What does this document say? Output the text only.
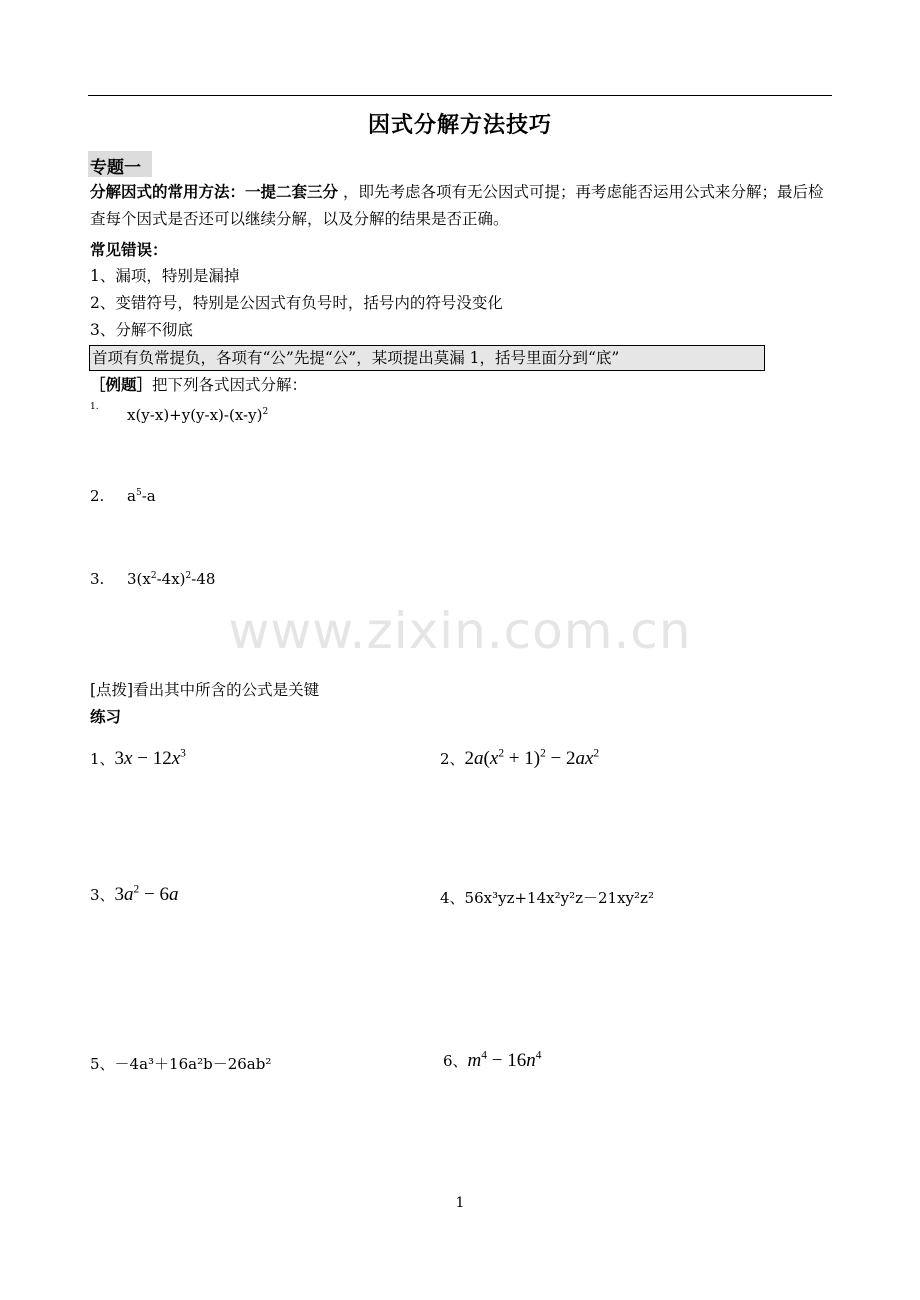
因式分解方法技巧
专题一
分解因式的常用方法：一提二套三分 ，即先考虑各项有无公因式可提；再考虑能否运用公式来分解；最后检查每个因式是否还可以继续分解，以及分解的结果是否正确。
常见错误：
1、漏项，特别是漏掉
2、变错符号，特别是公因式有负号时，括号内的符号没变化
3、分解不彻底
首项有负常提负，各项有“公”先提“公”，某项提出莫漏 1，括号里面分到“底”
［例题］把下列各式因式分解：
$^{1.}$ $x(y-x)+y(y-x)-(x-y)^2$
2. $a^5-a$
3. $3(x^2-4x)^2-48$
www.zixin.com.cn
[点拨]看出其中所含的公式是关键
练习
1、$3x - 12x^3$	2、$2a(x^2 + 1)^2 - 2ax^2$
3、$3a^2 - 6a$	4、56x³yz+14x²y²z－21xy²z²
5、－4a³＋16a²b－26ab²	6、$m^4 - 16n^4$
1
